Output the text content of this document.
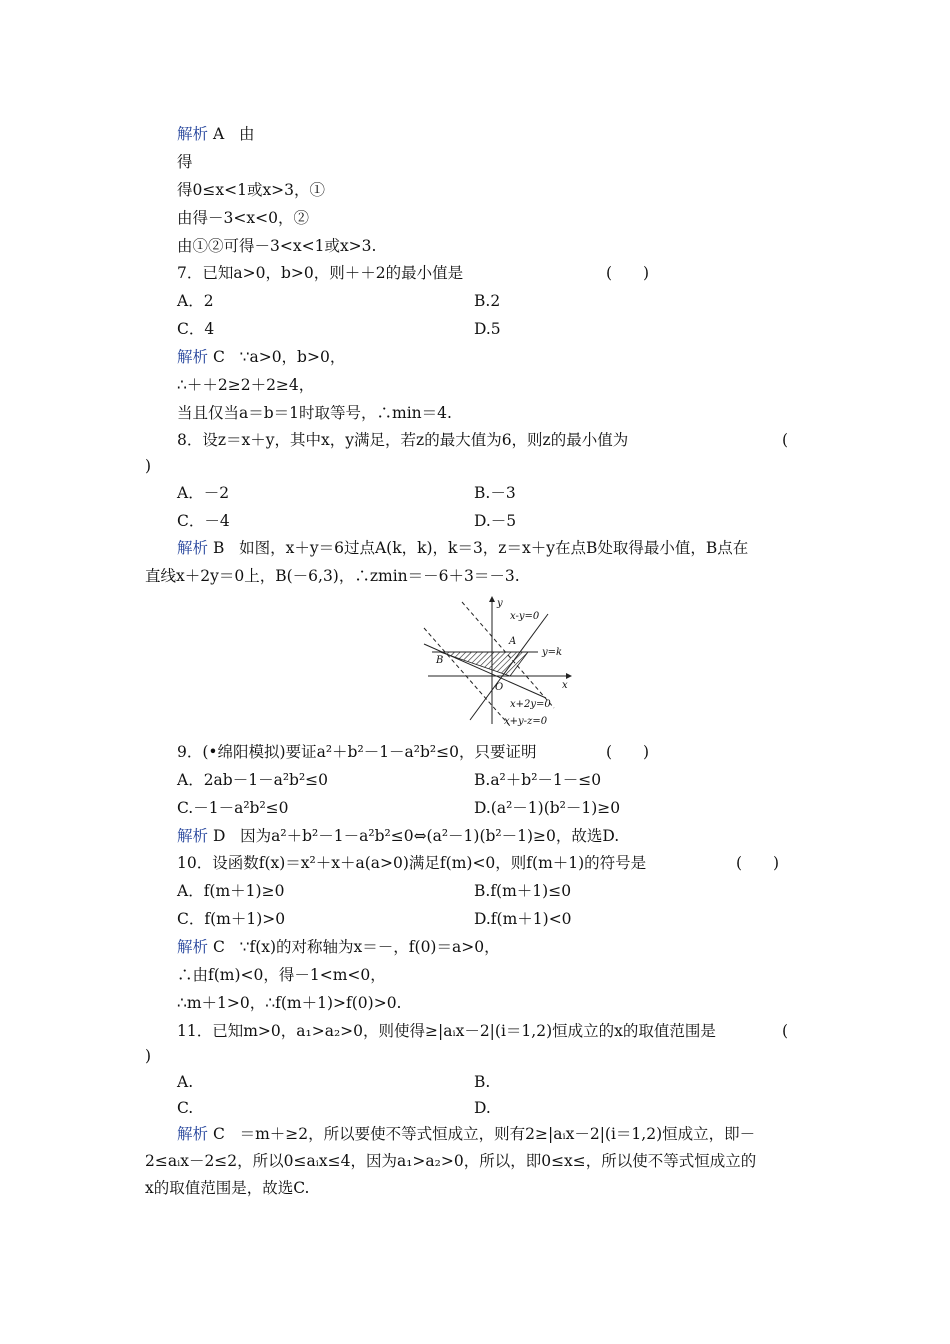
解析 A 由
得
得0≤x<1或x>3，①
由得－3<x<0，②
由①②可得－3<x<1或x>3.
7．已知a>0，b>0，则＋＋2的最小值是	(　　)
A．2	B.2
C．4	D.5
解析 C ∵a>0，b>0，
∴＋＋2≥2＋2≥4，
当且仅当a＝b＝1时取等号，∴min＝4.
8．设z＝x＋y，其中x，y满足，若z的最大值为6，则z的最小值为	(
)
A．－2	B.－3
C．－4	D.－5
解析 B 如图，x＋y＝6过点A(k，k)，k＝3，z＝x＋y在点B处取得最小值，B点在
直线x＋2y＝0上，B(－6,3)，∴zmin＝－6＋3＝－3.
y
x
O
A
B
x-y=0
y=k
x+2y=0
x+y-z=0
9．(•绵阳模拟)要证a²＋b²－1－a²b²≤0，只要证明	(　　)
A．2ab－1－a²b²≤0	B.a²＋b²－1－≤0
C.－1－a²b²≤0	D.(a²－1)(b²－1)≥0
解析 D 因为a²＋b²－1－a²b²≤0⇔(a²－1)(b²－1)≥0，故选D.
10．设函数f(x)＝x²＋x＋a(a>0)满足f(m)<0，则f(m＋1)的符号是	(　　)
A．f(m＋1)≥0	B.f(m＋1)≤0
C．f(m＋1)>0	D.f(m＋1)<0
解析 C ∵f(x)的对称轴为x＝－，f(0)＝a>0，
∴由f(m)<0，得－1<m<0，
∴m＋1>0，∴f(m＋1)>f(0)>0.
11．已知m>0，a₁>a₂>0，则使得≥|aᵢx－2|(i＝1,2)恒成立的x的取值范围是	(
)
A.	B.
C.	D.
解析 C ＝m＋≥2，所以要使不等式恒成立，则有2≥|aᵢx－2|(i＝1,2)恒成立，即－
2≤aᵢx－2≤2，所以0≤aᵢx≤4，因为a₁>a₂>0，所以，即0≤x≤，所以使不等式恒成立的
x的取值范围是，故选C.
